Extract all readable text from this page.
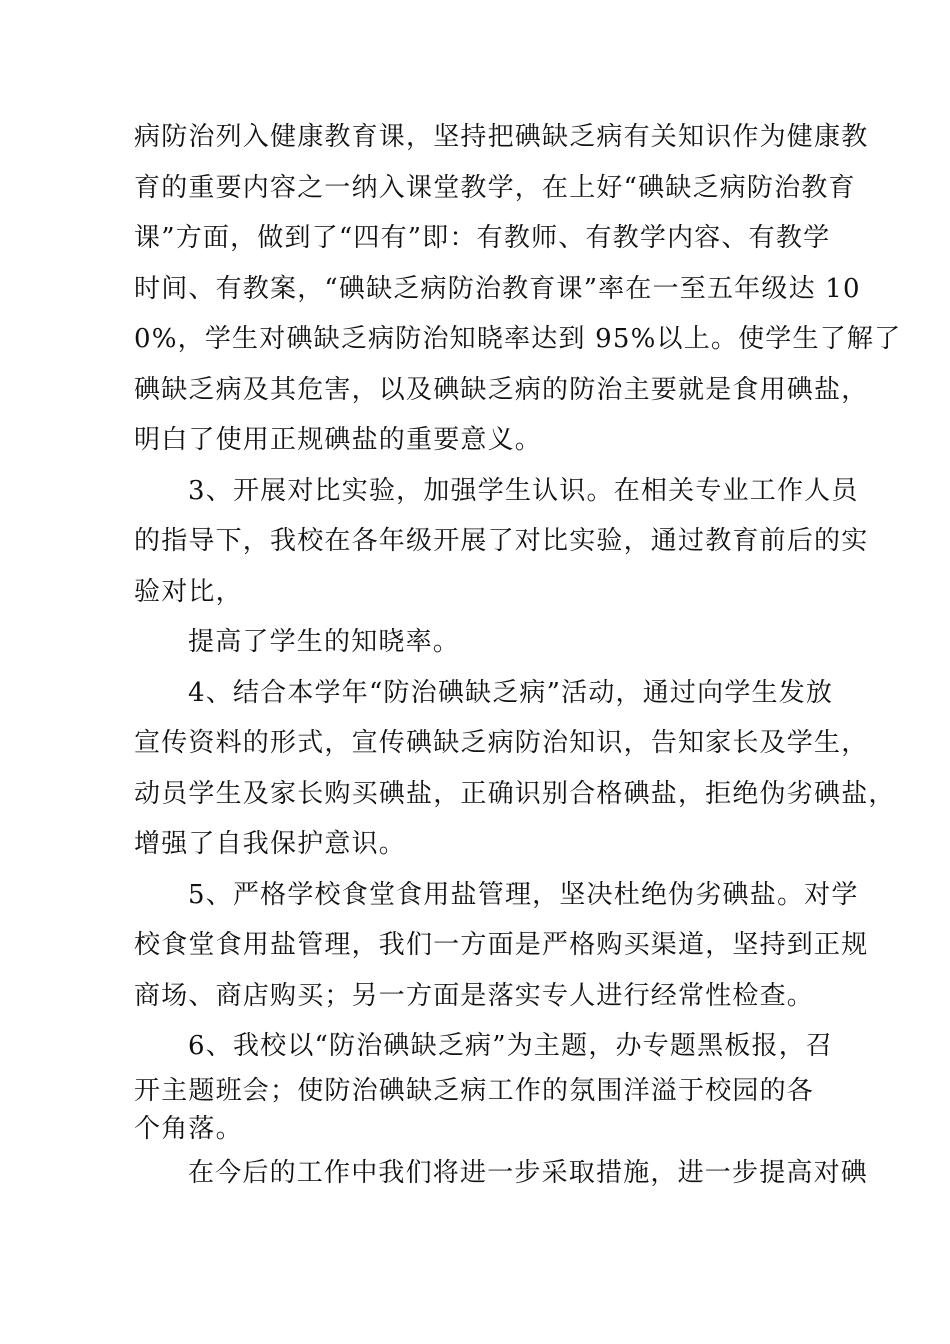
病防治列入健康教育课，坚持把碘缺乏病有关知识作为健康教
育的重要内容之一纳入课堂教学，在上好“碘缺乏病防治教育
课”方面，做到了“四有”即：有教师、有教学内容、有教学
时间、有教案，“碘缺乏病防治教育课”率在一至五年级达 10
0%，学生对碘缺乏病防治知晓率达到 95%以上。使学生了解了
碘缺乏病及其危害，以及碘缺乏病的防治主要就是食用碘盐，
明白了使用正规碘盐的重要意义。
3、开展对比实验，加强学生认识。在相关专业工作人员
的指导下，我校在各年级开展了对比实验，通过教育前后的实
验对比，
提高了学生的知晓率。
4、结合本学年“防治碘缺乏病”活动，通过向学生发放
宣传资料的形式，宣传碘缺乏病防治知识，告知家长及学生，
动员学生及家长购买碘盐，正确识别合格碘盐，拒绝伪劣碘盐，
增强了自我保护意识。
5、严格学校食堂食用盐管理，坚决杜绝伪劣碘盐。对学
校食堂食用盐管理，我们一方面是严格购买渠道，坚持到正规
商场、商店购买；另一方面是落实专人进行经常性检查。
6、我校以“防治碘缺乏病”为主题，办专题黑板报，召
开主题班会；使防治碘缺乏病工作的氛围洋溢于校园的各
个角落。
在今后的工作中我们将进一步采取措施，进一步提高对碘
